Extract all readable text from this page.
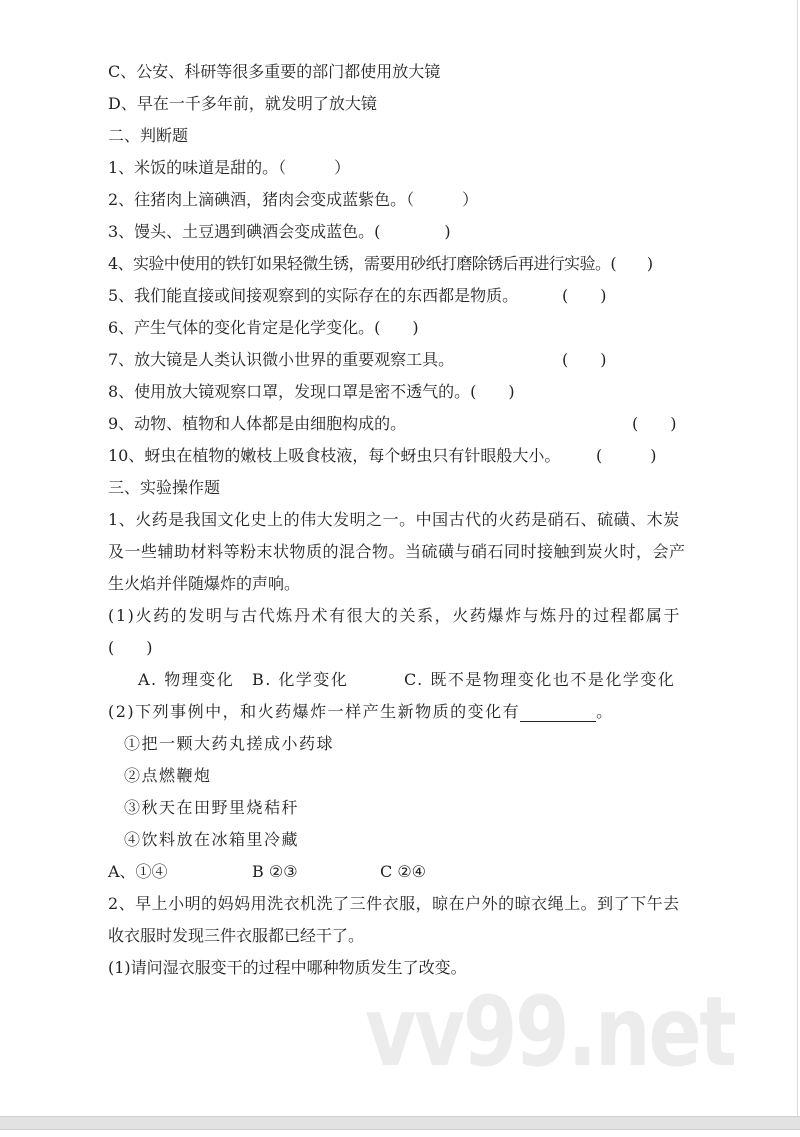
C、公安、科研等很多重要的部门都使用放大镜
D、早在一千多年前，就发明了放大镜
二、判断题
1、米饭的味道是甜的。（　　　）
2、往猪肉上滴碘酒，猪肉会变成蓝紫色。（　　　）
3、馒头、土豆遇到碘酒会变成蓝色。(　　　　)
4、实验中使用的铁钉如果轻微生锈，需要用砂纸打磨除锈后再进行实验。(　　)
5、我们能直接或间接观察到的实际存在的东西都是物质。	(　　)
6、产生气体的变化肯定是化学变化。(　　)
7、放大镜是人类认识微小世界的重要观察工具。	(　　)
8、使用放大镜观察口罩，发现口罩是密不透气的。(　　)
9、动物、植物和人体都是由细胞构成的。	(　　)
10、蚜虫在植物的嫩枝上吸食枝液，每个蚜虫只有针眼般大小。 (　　　)
三、实验操作题
1、火药是我国文化史上的伟大发明之一。中国古代的火药是硝石、硫磺、木炭
及一些辅助材料等粉末状物质的混合物。当硫磺与硝石同时接触到炭火时，会产
生火焰并伴随爆炸的声响。
(1)火药的发明与古代炼丹术有很大的关系，火药爆炸与炼丹的过程都属于
(　　)
A. 物理变化 B. 化学变化	C. 既不是物理变化也不是化学变化
(2)下列事例中，和火药爆炸一样产生新物质的变化有	。
①把一颗大药丸搓成小药球
②点燃鞭炮
③秋天在田野里烧秸秆
④饮料放在冰箱里冷藏
A、①④	B ②③	C ②④
2、早上小明的妈妈用洗衣机洗了三件衣服，晾在户外的晾衣绳上。到了下午去
收衣服时发现三件衣服都已经干了。
(1)请问湿衣服变干的过程中哪种物质发生了改变。
vv99.net
